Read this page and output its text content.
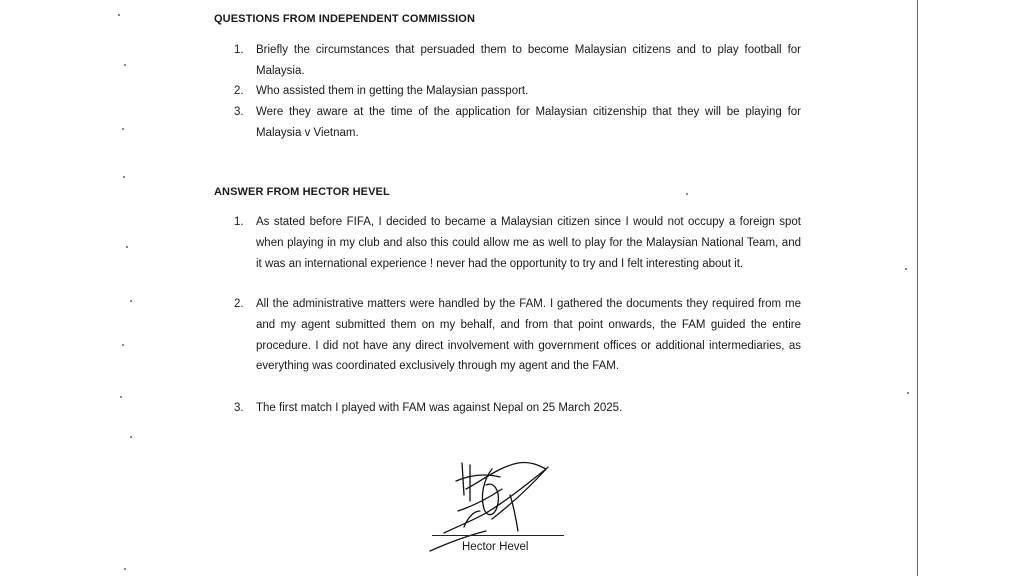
QUESTIONS FROM INDEPENDENT COMMISSION
1. Briefly the circumstances that persuaded them to become Malaysian citizens and to play football for Malaysia.
2. Who assisted them in getting the Malaysian passport.
3. Were they aware at the time of the application for Malaysian citizenship that they will be playing for Malaysia v Vietnam.
ANSWER FROM HECTOR HEVEL
1. As stated before FIFA, I decided to became a Malaysian citizen since I would not occupy a foreign spot when playing in my club and also this could allow me as well to play for the Malaysian National Team, and it was an international experience ! never had the opportunity to try and I felt interesting about it.
2. All the administrative matters were handled by the FAM. I gathered the documents they required from me and my agent submitted them on my behalf, and from that point onwards, the FAM guided the entire procedure. I did not have any direct involvement with government offices or additional intermediaries, as everything was coordinated exclusively through my agent and the FAM.
3. The first match I played with FAM was against Nepal on 25 March 2025.
Hector Hevel
